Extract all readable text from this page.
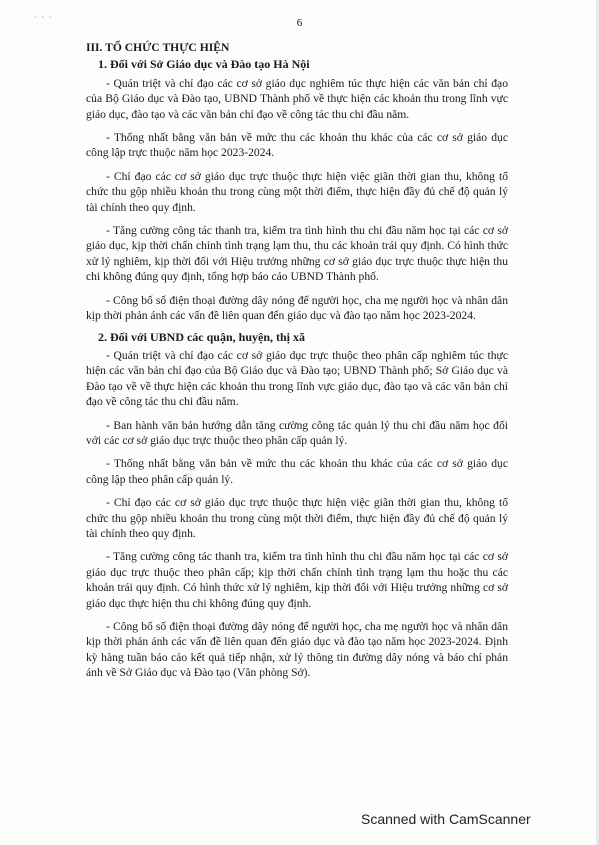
· · ·	6
III. TỔ CHỨC THỰC HIỆN
1. Đối với Sở Giáo dục và Đào tạo Hà Nội

- Quán triệt và chỉ đạo các cơ sở giáo dục nghiêm túc thực hiện các văn bản chỉ đạo của Bộ Giáo dục và Đào tạo, UBND Thành phố về thực hiện các khoản thu trong lĩnh vực giáo dục, đào tạo và các văn bản chỉ đạo về công tác thu chi đầu năm.

- Thống nhất bằng văn bản về mức thu các khoản thu khác của các cơ sở giáo dục công lập trực thuộc năm học 2023-2024.

- Chỉ đạo các cơ sở giáo dục trực thuộc thực hiện việc giãn thời gian thu, không tổ chức thu gộp nhiều khoản thu trong cùng một thời điểm, thực hiện đầy đủ chế độ quản lý tài chính theo quy định.

- Tăng cường công tác thanh tra, kiểm tra tình hình thu chi đầu năm học tại các cơ sở giáo dục, kịp thời chấn chỉnh tình trạng lạm thu, thu các khoản trái quy định. Có hình thức xử lý nghiêm, kịp thời đối với Hiệu trưởng những cơ sở giáo dục trực thuộc thực hiện thu chi không đúng quy định, tổng hợp báo cáo UBND Thành phố.

- Công bố số điện thoại đường dây nóng để người học, cha mẹ người học và nhân dân kịp thời phản ánh các vấn đề liên quan đến giáo dục và đào tạo năm học 2023-2024.

2. Đối với UBND các quận, huyện, thị xã

- Quán triệt và chỉ đạo các cơ sở giáo dục trực thuộc theo phân cấp nghiêm túc thực hiện các văn bản chỉ đạo của Bộ Giáo dục và Đào tạo; UBND Thành phố; Sở Giáo dục và Đào tạo về về thực hiện các khoản thu trong lĩnh vực giáo dục, đào tạo và các văn bản chỉ đạo về công tác thu chi đầu năm.

- Ban hành văn bản hướng dẫn tăng cường công tác quản lý thu chi đầu năm học đối với các cơ sở giáo dục trực thuộc theo phân cấp quản lý.

- Thống nhất bằng văn bản về mức thu các khoản thu khác của các cơ sở giáo dục công lập theo phân cấp quản lý.

- Chỉ đạo các cơ sở giáo dục trực thuộc thực hiện việc giãn thời gian thu, không tổ chức thu gộp nhiều khoản thu trong cùng một thời điểm, thực hiện đầy đủ chế độ quản lý tài chính theo quy định.

- Tăng cường công tác thanh tra, kiểm tra tình hình thu chi đầu năm học tại các cơ sở giáo dục trực thuộc theo phân cấp; kịp thời chấn chỉnh tình trạng lạm thu hoặc thu các khoản trái quy định. Có hình thức xử lý nghiêm, kịp thời đối với Hiệu trưởng những cơ sở giáo dục thực hiện thu chi không đúng quy định.

- Công bố số điện thoại đường dây nóng để người học, cha mẹ người học và nhân dân kịp thời phản ánh các vấn đề liên quan đến giáo dục và đào tạo năm học 2023-2024. Định kỳ hàng tuần báo cáo kết quả tiếp nhận, xử lý thông tin đường dây nóng và báo chí phản ánh về Sở Giáo dục và Đào tạo (Văn phòng Sở).

Scanned with CamScanner
